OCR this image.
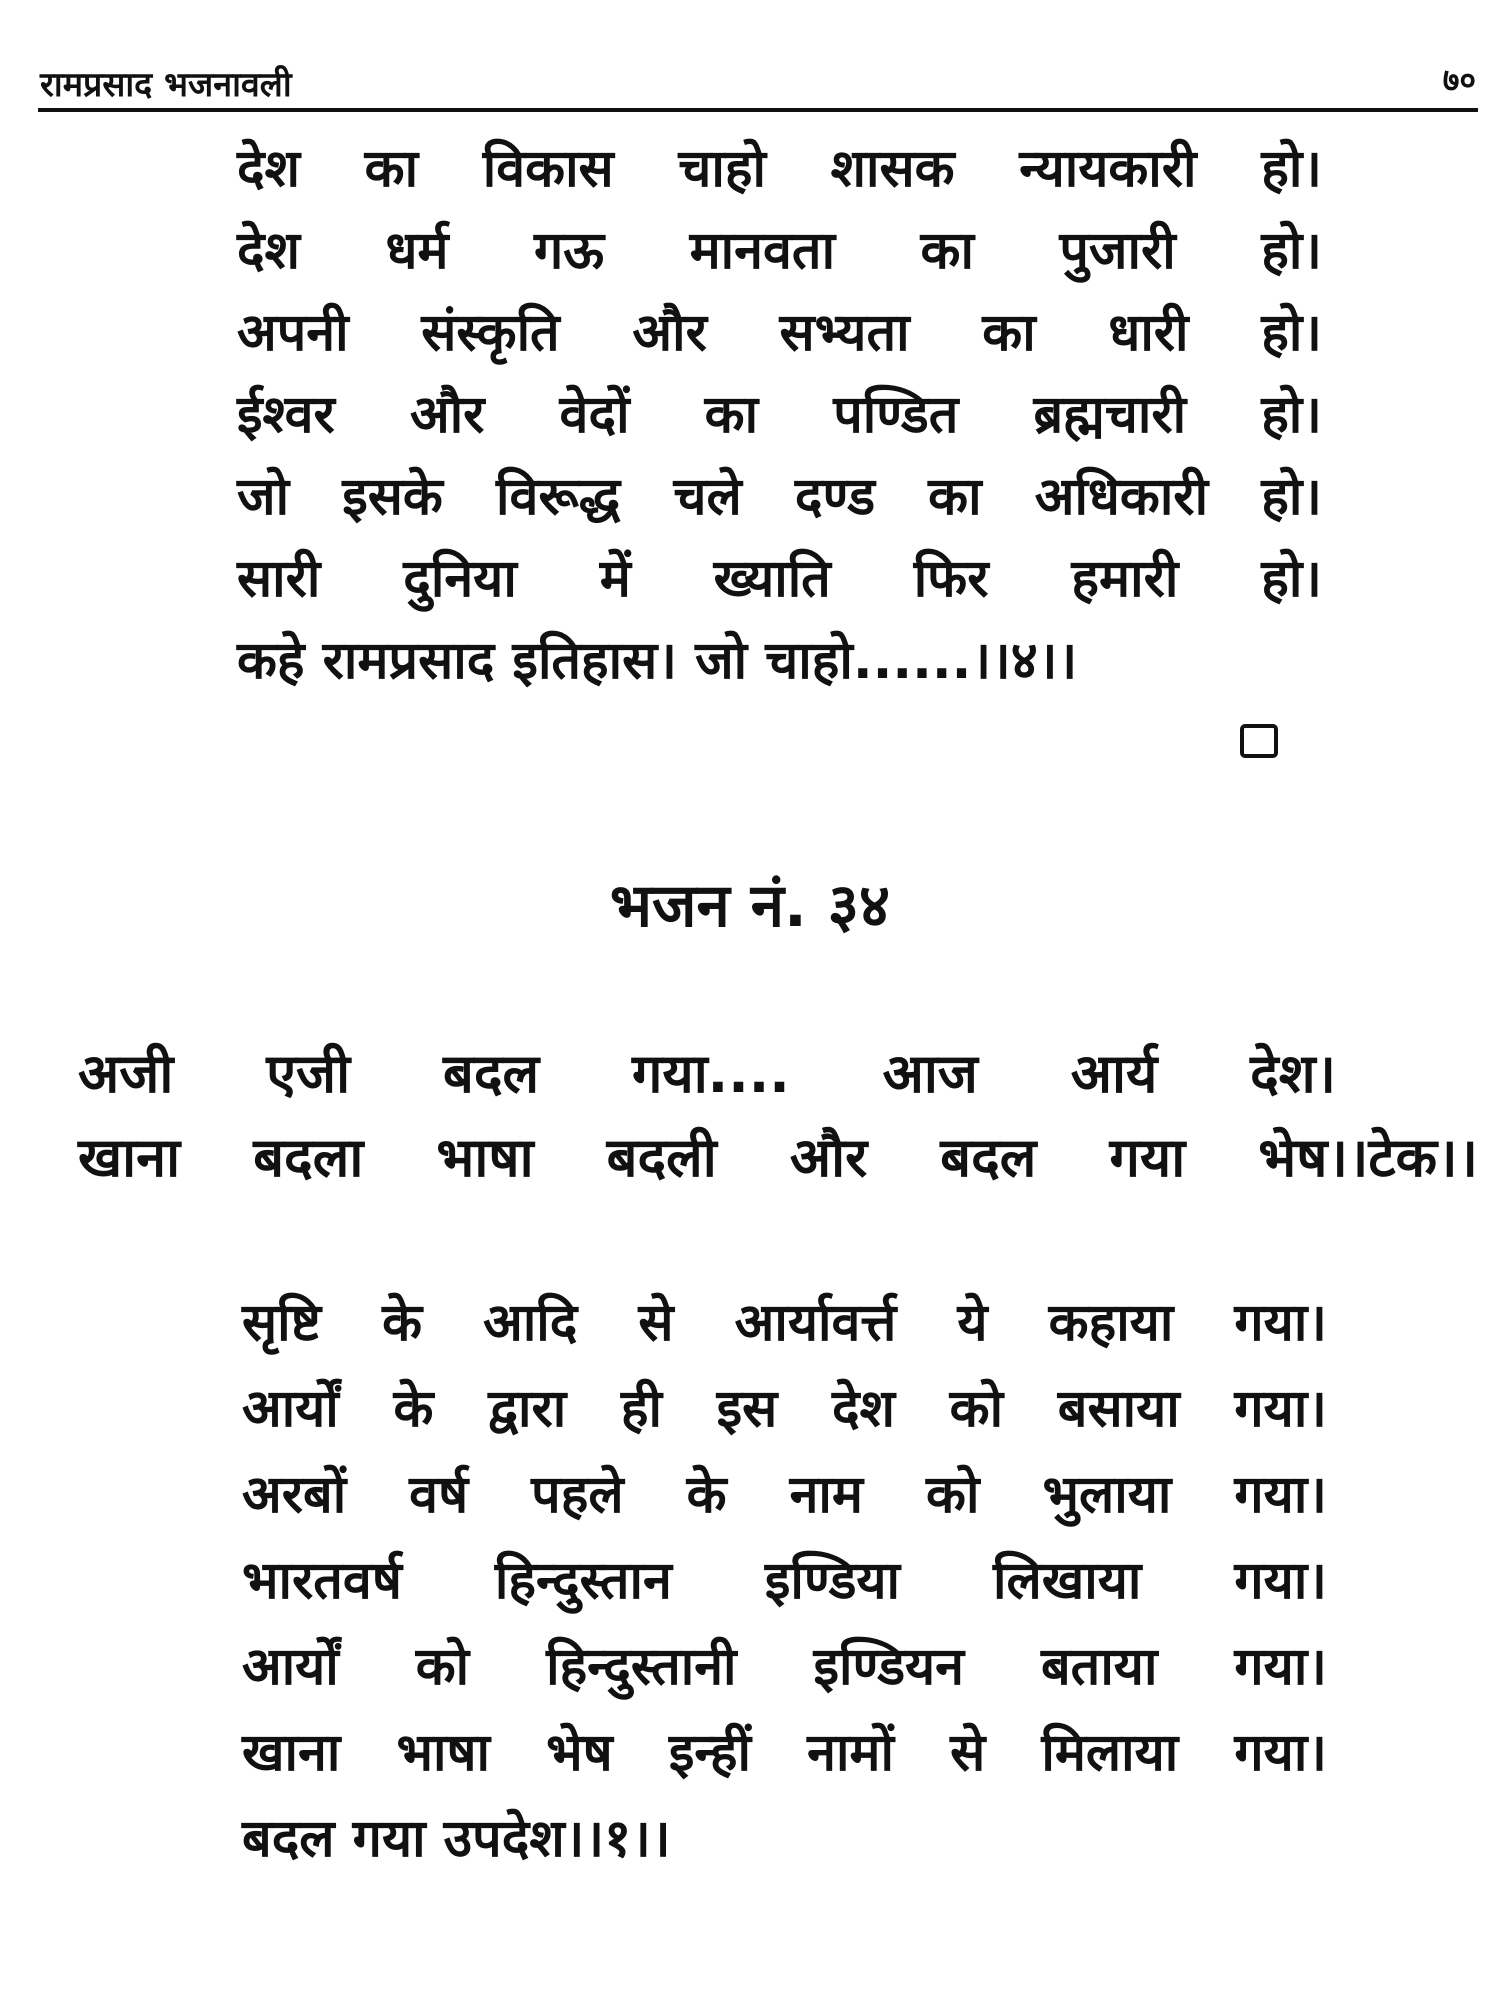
रामप्रसाद भजनावली	७०
देश का विकास चाहो शासक न्यायकारी हो।
देश धर्म गऊ मानवता का पुजारी हो।
अपनी संस्कृति और सभ्यता का धारी हो।
ईश्वर और वेदों का पण्डित ब्रह्मचारी हो।
जो इसके विरूद्ध चले दण्ड का अधिकारी हो।
सारी दुनिया में ख्याति फिर हमारी हो।
कहे रामप्रसाद इतिहास। जो चाहो......।।४।।
भजन नं. ३४
अजी एजी बदल गया.... आज आर्य देश।
खाना बदला भाषा बदली और बदल गया भेष।।टेक।।
सृष्टि के आदि से आर्यावर्त्त ये कहाया गया।
आर्यों के द्वारा ही इस देश को बसाया गया।
अरबों वर्ष पहले के नाम को भुलाया गया।
भारतवर्ष हिन्दुस्तान इण्डिया लिखाया गया।
आर्यों को हिन्दुस्तानी इण्डियन बताया गया।
खाना भाषा भेष इन्हीं नामों से मिलाया गया।
बदल गया उपदेश।।१।।
